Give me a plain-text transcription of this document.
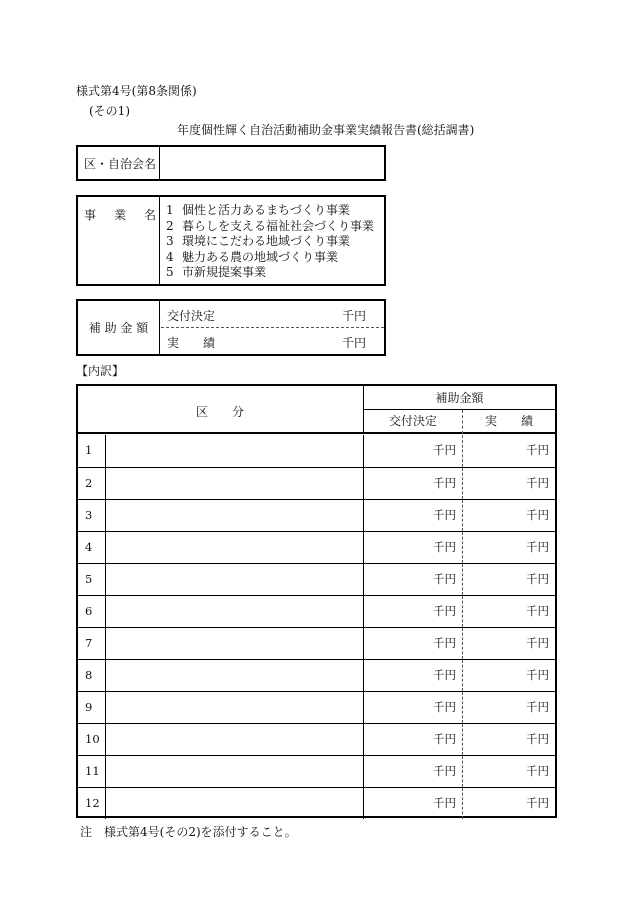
様式第4号(第8条関係)
(その1)
年度個性輝く自治活動補助金事業実績報告書(総括調書)
区・自治会名
事 業 名 1 個性と活力あるまちづくり事業
2 暮らしを支える福祉社会づくり事業
3 環境にこだわる地域づくり事業
4 魅力ある農の地域づくり事業
5 市新規提案事業
補 助 金 額
交付決定	千円
実　　績	千円
【内訳】
区　　分
補助金額
交付決定	実　　績
1	千円	千円
2	千円	千円
3	千円	千円
4	千円	千円
5	千円	千円
6	千円	千円
7	千円	千円
8	千円	千円
9	千円	千円
10	千円	千円
11	千円	千円
12	千円	千円
注　様式第4号(その2)を添付すること。
